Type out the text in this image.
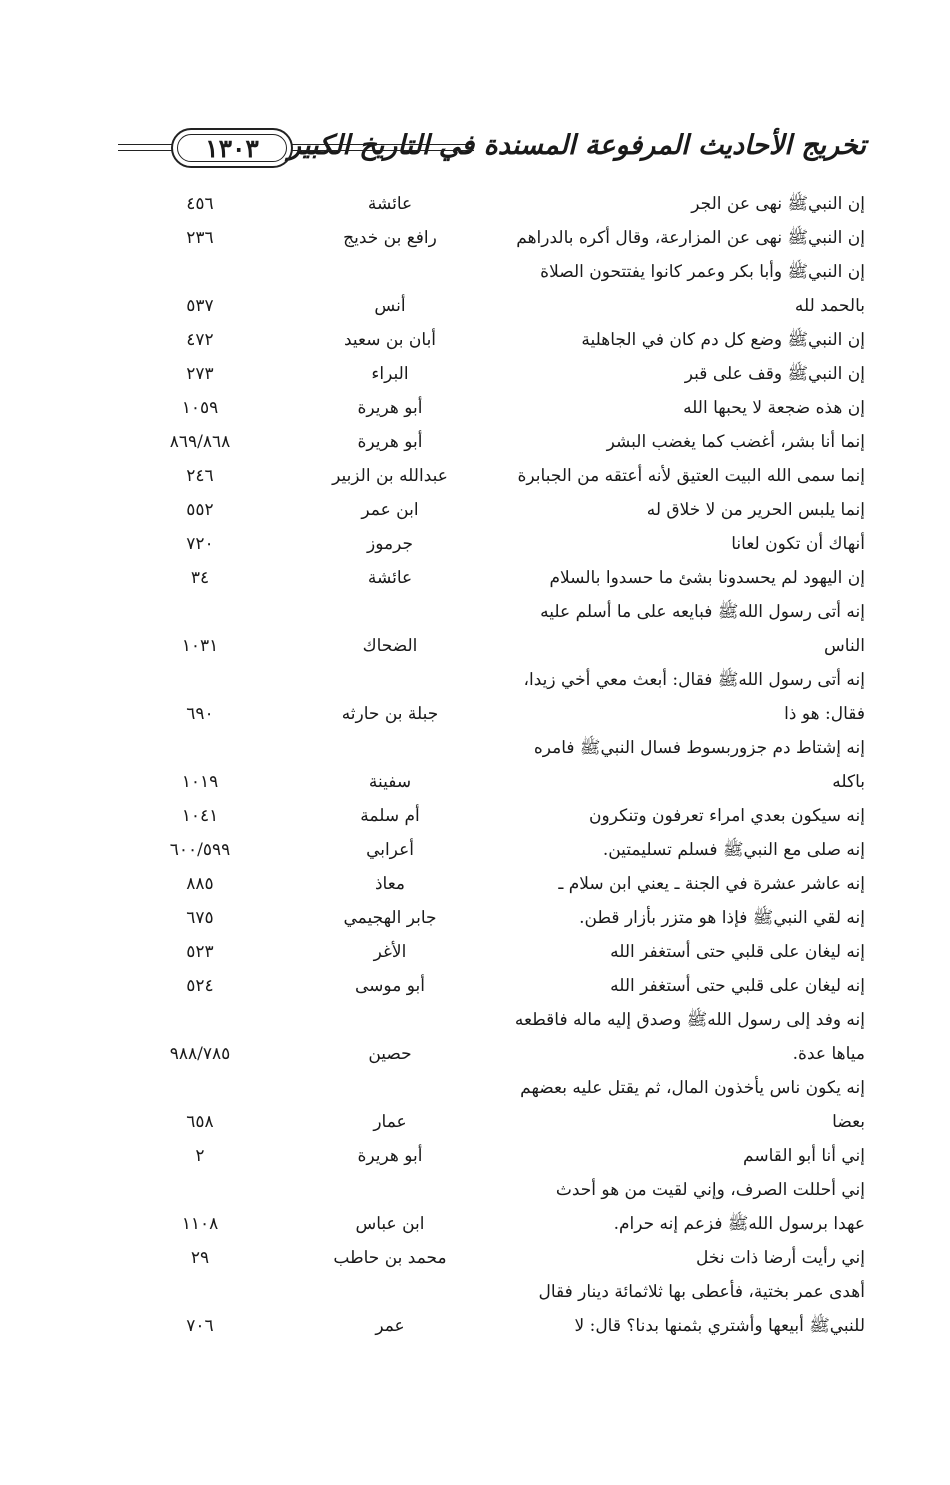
تخريج الأحاديث المرفوعة المسندة في التاريخ الكبير
١٣٠٣
إن النبيﷺ نهى عن الجر
عائشة
٤٥٦
إن النبيﷺ نهى عن المزارعة، وقال أكره بالدراهم
رافع بن خديج
٢٣٦
إن النبيﷺ وأبا بكر وعمر كانوا يفتتحون الصلاة
بالحمد لله
أنس
٥٣٧
إن النبيﷺ وضع كل دم كان في الجاهلية
أبان بن سعيد
٤٧٢
إن النبيﷺ وقف على قبر
البراء
٢٧٣
إن هذه ضجعة لا يحبها الله
أبو هريرة
١٠٥٩
إنما أنا بشر، أغضب كما يغضب البشر
أبو هريرة
٨٦٩/٨٦٨
إنما سمى الله البيت العتيق لأنه أعتقه من الجبابرة
عبدالله بن الزبير
٢٤٦
إنما يلبس الحرير من لا خلاق له
ابن عمر
٥٥٢
أنهاك أن تكون لعانا
جرموز
٧٢٠
إن اليهود لم يحسدونا بشئ ما حسدوا بالسلام
عائشة
٣٤
إنه أتى رسول اللهﷺ فبايعه على ما أسلم عليه
الناس
الضحاك
١٠٣١
إنه أتى رسول اللهﷺ فقال: أبعث معي أخي زيدا،
فقال: هو ذا
جبلة بن حارثه
٦٩٠
إنه إشتاط دم جزوربسوط فسال النبيﷺ فامره
باكله
سفينة
١٠١٩
إنه سيكون بعدي امراء تعرفون وتنكرون
أم سلمة
١٠٤١
إنه صلى مع النبيﷺ فسلم تسليمتين.
أعرابي
٦٠٠/٥٩٩
إنه عاشر عشرة في الجنة ـ يعني ابن سلام ـ
معاذ
٨٨٥
إنه لقي النبيﷺ فإذا هو متزر بأزار قطن.
جابر الهجيمي
٦٧٥
إنه ليغان على قلبي حتى أستغفر الله
الأغر
٥٢٣
إنه ليغان على قلبي حتى أستغفر الله
أبو موسى
٥٢٤
إنه وفد إلى رسول اللهﷺ وصدق إليه ماله فاقطعه
مياها عدة.
حصين
٩٨٨/٧٨٥
إنه يكون ناس يأخذون المال، ثم يقتل عليه بعضهم
بعضا
عمار
٦٥٨
إني أنا أبو القاسم
أبو هريرة
٢
إني أحللت الصرف، وإني لقيت من هو أحدث
عهدا برسول اللهﷺ فزعم إنه حرام.
ابن عباس
١١٠٨
إني رأيت أرضا ذات نخل
محمد بن حاطب
٢٩
أهدى عمر بختية، فأعطى بها ثلاثمائة دينار فقال
للنبيﷺ أبيعها وأشتري بثمنها بدنا؟ قال: لا
عمر
٧٠٦
